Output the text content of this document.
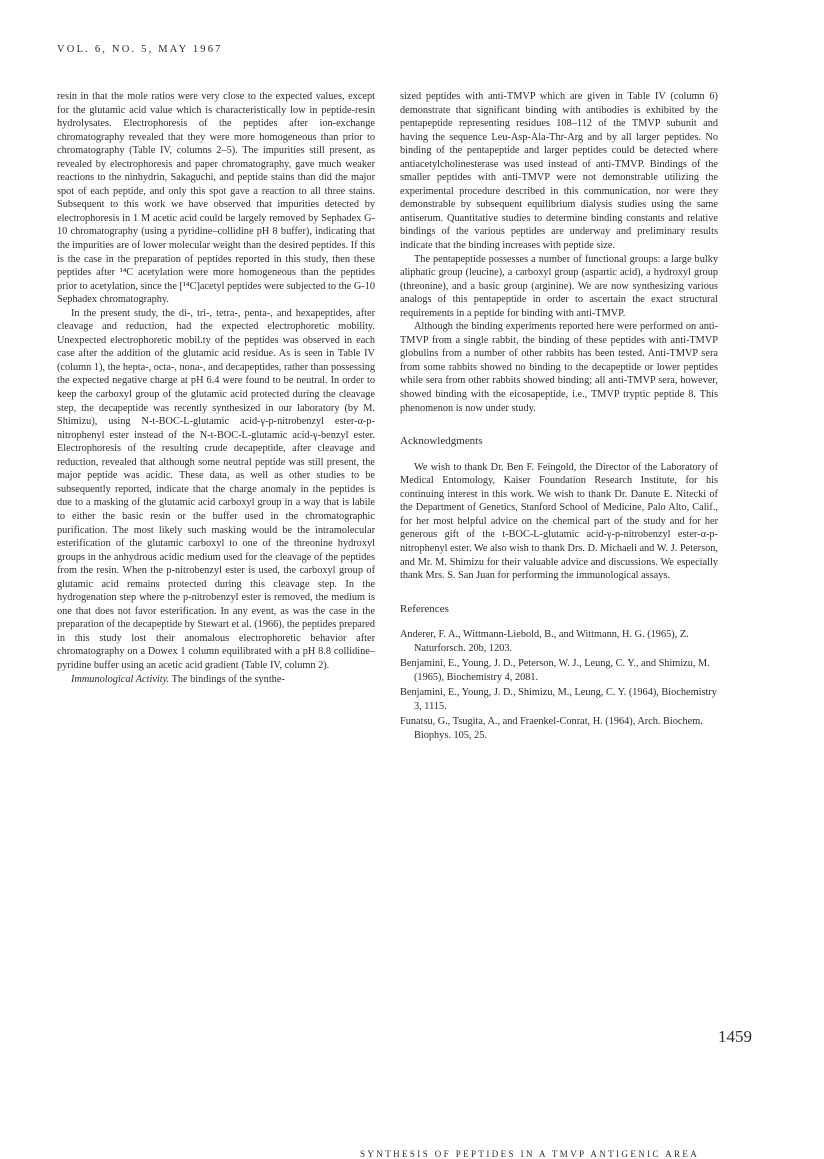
VOL. 6, NO. 5, MAY 1967

resin in that the mole ratios were very close to the expected values, except for the glutamic acid value which is characteristically low in peptide-resin hydrolysates. Electrophoresis of the peptides after ion-exchange chromatography revealed that they were more homogeneous than prior to chromatography (Table IV, columns 2–5). The impurities still present, as revealed by electrophoresis and paper chromatography, gave much weaker reactions to the ninhydrin, Sakaguchi, and peptide stains than did the major spot of each peptide, and only this spot gave a reaction to all three stains. Subsequent to this work we have observed that impurities detected by electrophoresis in 1 M acetic acid could be largely removed by Sephadex G-10 chromatography (using a pyridine–collidine pH 8 buffer), indicating that the impurities are of lower molecular weight than the desired peptides. If this is the case in the preparation of peptides reported in this study, then these peptides after ¹⁴C acetylation were more homogeneous than the peptides prior to acetylation, since the [¹⁴C]acetyl peptides were subjected to the G-10 Sephadex chromatography.

In the present study, the di-, tri-, tetra-, penta-, and hexapeptides, after cleavage and reduction, had the expected electrophoretic mobility. Unexpected electrophoretic mobil.ty of the peptides was observed in each case after the addition of the glutamic acid residue. As is seen in Table IV (column 1), the hepta-, octa-, nona-, and decapeptides, rather than possessing the expected negative charge at pH 6.4 were found to be neutral. In order to keep the carboxyl group of the glutamic acid protected during the cleavage step, the decapeptide was recently synthesized in our laboratory (by M. Shimizu), using N-t-BOC-L-glutamic acid-γ-p-nitrobenzyl ester-α-p-nitrophenyl ester instead of the N-t-BOC-L-glutamic acid-γ-benzyl ester. Electrophoresis of the resulting crude decapeptide, after cleavage and reduction, revealed that although some neutral peptide was still present, the major peptide was acidic. These data, as well as other studies to be subsequently reported, indicate that the charge anomaly in the peptides is due to a masking of the glutamic acid carboxyl group in a way that is labile to either the basic resin or the buffer used in the chromatographic purification. The most likely such masking would be the intramolecular esterification of the glutamic carboxyl to one of the threonine hydroxyl groups in the anhydrous acidic medium used for the cleavage of the peptides from the resin. When the p-nitrobenzyl ester is used, the carboxyl group of glutamic acid remains protected during this cleavage step. In the hydrogenation step where the p-nitrobenzyl ester is removed, the medium is one that does not favor esterification. In any event, as was the case in the preparation of the decapeptide by Stewart et al. (1966), the peptides prepared in this study lost their anomalous electrophoretic behavior after chromatography on a Dowex 1 column equilibrated with a pH 8.8 collidine–pyridine buffer using an acetic acid gradient (Table IV, column 2).

Immunological Activity. The bindings of the synthe-

sized peptides with anti-TMVP which are given in Table IV (column 6) demonstrate that significant binding with antibodies is exhibited by the pentapeptide representing residues 108–112 of the TMVP subunit and having the sequence Leu-Asp-Ala-Thr-Arg and by all larger peptides. No binding of the pentapeptide and larger peptides could be detected where antiacetylcholinesterase was used instead of anti-TMVP. Bindings of the smaller peptides with anti-TMVP were not demonstrable utilizing the experimental procedure described in this communication, nor were they demonstrable by subsequent equilibrium dialysis studies using the same antiserum. Quantitative studies to determine binding constants and relative bindings of the various peptides are underway and preliminary results indicate that the binding increases with peptide size.

The pentapeptide possesses a number of functional groups: a large bulky aliphatic group (leucine), a carboxyl group (aspartic acid), a hydroxyl group (threonine), and a basic group (arginine). We are now synthesizing various analogs of this pentapeptide in order to ascertain the exact structural requirements in a peptide for binding with anti-TMVP.

Although the binding experiments reported here were performed on anti-TMVP from a single rabbit, the binding of these peptides with anti-TMVP globulins from a number of other rabbits has been tested. Anti-TMVP sera from some rabbits showed no binding to the decapeptide or lower peptides while sera from other rabbits showed binding; all anti-TMVP sera, however, showed binding with the eicosapeptide, i.e., TMVP tryptic peptide 8. This phenomenon is now under study.

Acknowledgments

We wish to thank Dr. Ben F. Feingold, the Director of the Laboratory of Medical Entomology, Kaiser Foundation Research Institute, for his continuing interest in this work. We wish to thank Dr. Danute E. Nitecki of the Department of Genetics, Stanford School of Medicine, Palo Alto, Calif., for her most helpful advice on the chemical part of the study and for her generous gift of the t-BOC-L-glutamic acid-γ-p-nitrobenzyl ester-α-p-nitrophenyl ester. We also wish to thank Drs. D. Michaeli and W. J. Peterson, and Mr. M. Shimizu for their valuable advice and discussions. We especially thank Mrs. S. San Juan for performing the immunological assays.

References

Anderer, F. A., Wittmann-Liebold, B., and Wittmann, H. G. (1965), Z. Naturforsch. 20b, 1203.

Benjamini, E., Young, J. D., Peterson, W. J., Leung, C. Y., and Shimizu, M. (1965), Biochemistry 4, 2081.

Benjamini, E., Young, J. D., Shimizu, M., Leung, C. Y. (1964), Biochemistry 3, 1115.

Funatsu, G., Tsugita, A., and Fraenkel-Conrat, H. (1964), Arch. Biochem. Biophys. 105, 25.

1459
SYNTHESIS OF PEPTIDES IN A TMVP ANTIGENIC AREA
